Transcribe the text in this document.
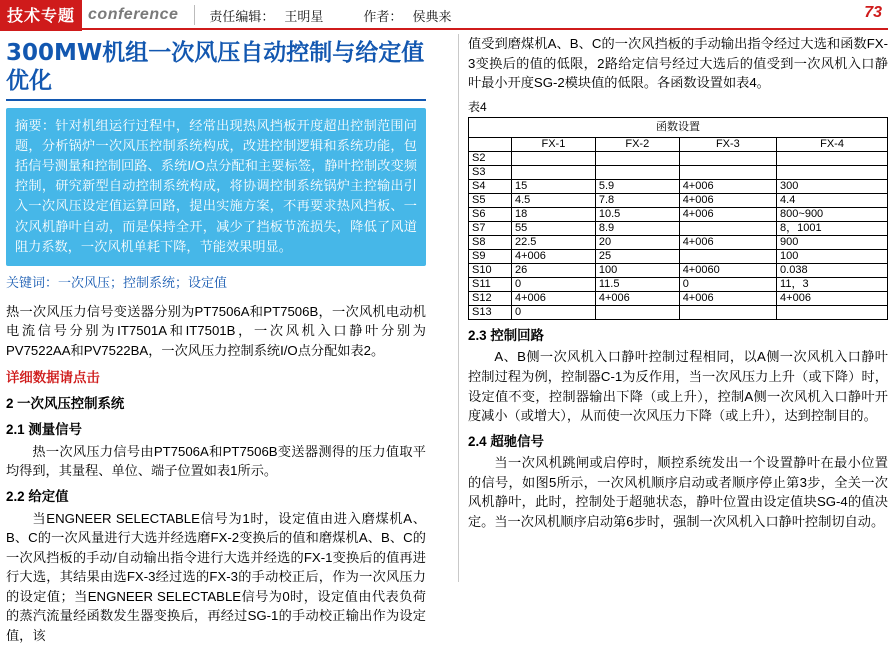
技术专题 conference 责任编辑： 王明星	作者： 侯典来	73
300MW机组一次风压自动控制与给定值优化
摘要：针对机组运行过程中，经常出现热风挡板开度超出控制范围问题，分析锅炉一次风压控制系统构成，改进控制逻辑和系统功能，包括信号测量和控制回路、系统I/O点分配和主要标签，静叶控制改变频控制，研究新型自动控制系统构成，将协调控制系统锅炉主控输出引入一次风压设定值运算回路，提出实施方案，不再要求热风挡板、一次风机静叶自动，而是保持全开，减少了挡板节流损失，降低了风道阻力系数，一次风机单耗下降，节能效果明显。
关键词：一次风压；控制系统；设定值

热一次风压力信号变送器分别为PT7506A和PT7506B，一次风机电动机电流信号分别为IT7501A和IT7501B，一次风机入口静叶分别为PV7522AA和PV7522BA，一次风压力控制系统I/O点分配如表2。

详细数据请点击
2 一次风压控制系统
2.1 测量信号

热一次风压力信号由PT7506A和PT7506B变送器测得的压力值取平均得到，其量程、单位、端子位置如表1所示。

2.2 给定值

当ENGNEER SELECTABLE信号为1时，设定值由进入磨煤机A、B、C的一次风量进行大选并经选磨FX-2变换后的值和磨煤机A、B、C的一次风挡板的手动/自动输出指令进行大选并经选的FX-1变换后的值再进行大选，其结果由选FX-3经过选的FX-3的手动校正后，作为一次风压力的设定值；当ENGNEER SELECTABLE信号为0时，设定值由代表负荷的蒸汽流量经函数发生器变换后，再经过SG-1的手动校正输出作为设定值，该

值受到磨煤机A、B、C的一次风挡板的手动输出指令经过大选和函数FX-3变换后的值的低限，2路给定信号经过大选后的值受到一次风机入口静叶最小开度SG-2模块值的低限。各函数设置如表4。

表4
函数设置
	FX-1	FX-2	FX-3	FX-4
S2				
S3				
S4	15	5.9	4+006	300
S5	4.5	7.8	4+006	4.4
S6	18	10.5	4+006	800~900
S7	55	8.9		8，1001
S8	22.5	20	4+006	900
S9	4+006	25		100
S10	26	100	4+0060	0.038
S11	0	11.5	0	11，3
S12	4+006	4+006	4+006	4+006
S13	0			
2.3 控制回路

A、B侧一次风机入口静叶控制过程相同，以A侧一次风机入口静叶控制过程为例，控制器C-1为反作用，当一次风压力上升（或下降）时，设定值不变，控制器输出下降（或上升），控制A侧一次风机入口静叶开度减小（或增大），从而使一次风压力下降（或上升），达到控制目的。

2.4 超驰信号

当一次风机跳闸或启停时，顺控系统发出一个设置静叶在最小位置的信号，如图5所示，一次风机顺序启动或者顺序停止第3步，全关一次风机静叶，此时，控制处于超驰状态，静叶位置由设定值块SG-4的值决定。当一次风机顺序启动第6步时，强制一次风机入口静叶控制切自动。
